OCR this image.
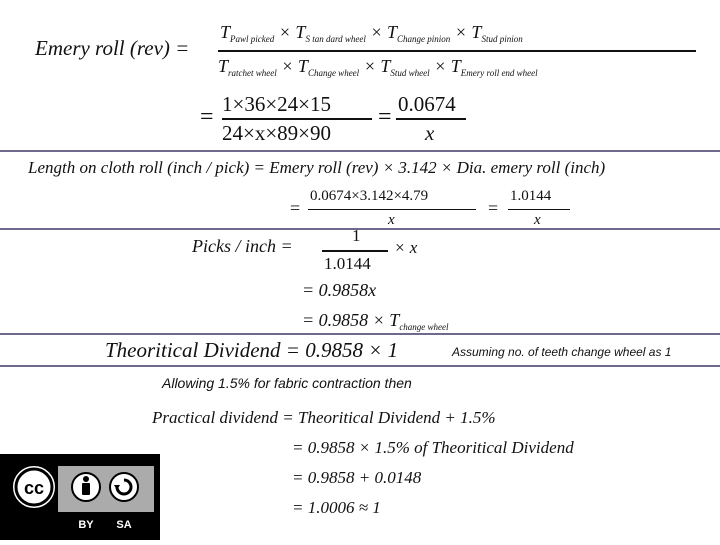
Emery roll (rev) =
$T_{Pawl picked} \times T_{S tan dard wheel} \times T_{Change pinion} \times T_{Stud pinion}$
$T_{ratchet wheel} \times T_{Change wheel} \times T_{Stud wheel} \times T_{Emery roll end wheel}$
= 1×36×24×15
24×x×89×90
= 0.0674
x
Length on cloth roll (inch / pick) = Emery roll (rev) × 3.142 × Dia. emery roll (inch)
=
0.0674×3.142×4.79
x
=
1.0144
x
Picks / inch =
1
1.0144
× x
= 0.9858x
= $0.9858 \times T_{change wheel}$
Theoritical Dividend = 0.9858 × 1	Assuming no. of teeth change wheel as 1
Allowing 1.5% for fabric contraction then
Practical dividend = Theoritical Dividend + 1.5%
= 0.9858 × 1.5% of Theoritical Dividend
= 0.9858 + 0.0148
= 1.0006 ≈ 1
cc
BY SA
